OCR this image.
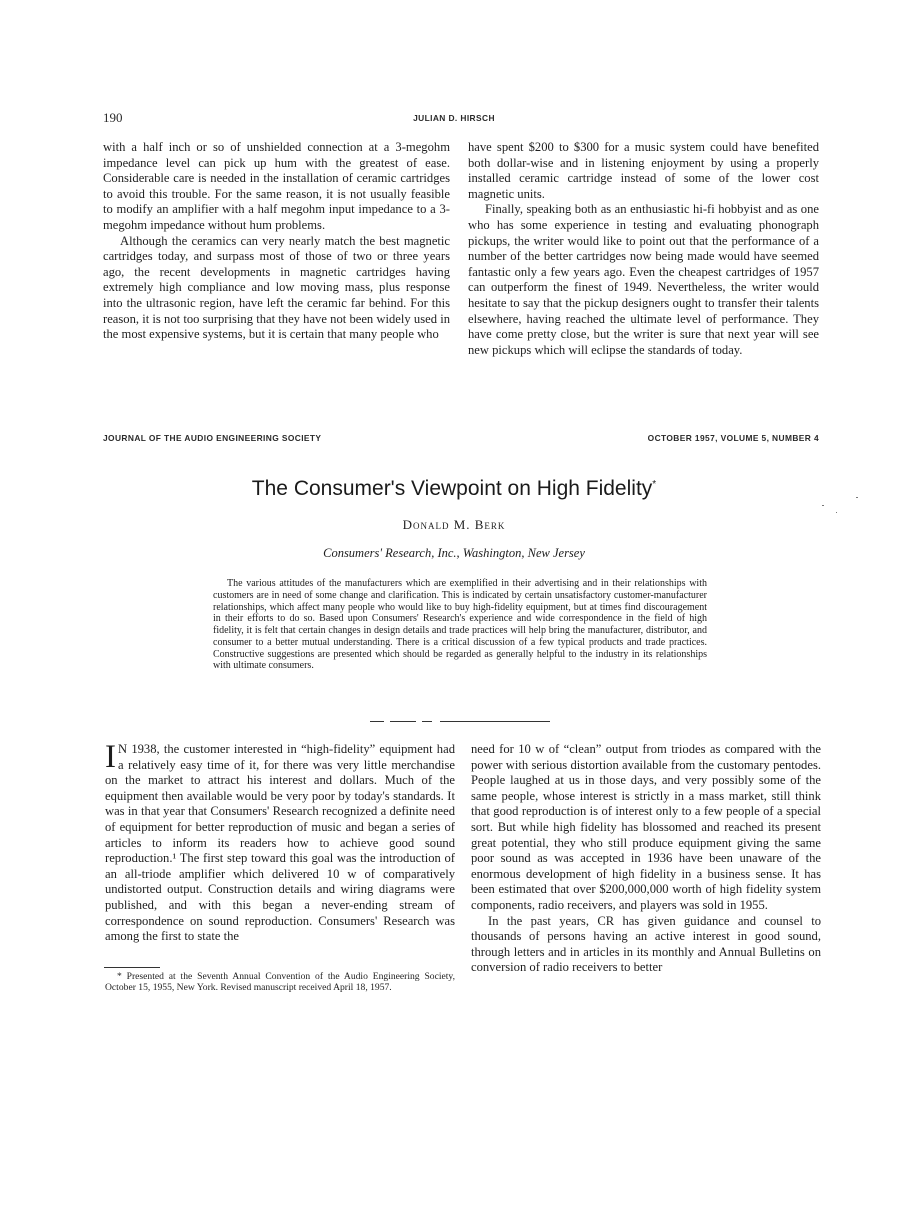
190	JULIAN D. HIRSCH

with a half inch or so of unshielded connection at a 3-megohm impedance level can pick up hum with the greatest of ease. Considerable care is needed in the installation of ceramic cartridges to avoid this trouble. For the same reason, it is not usually feasible to modify an amplifier with a half megohm input impedance to a 3-megohm impedance without hum problems.

Although the ceramics can very nearly match the best magnetic cartridges today, and surpass most of those of two or three years ago, the recent developments in magnetic cartridges having extremely high compliance and low moving mass, plus response into the ultrasonic region, have left the ceramic far behind. For this reason, it is not too surprising that they have not been widely used in the most expensive systems, but it is certain that many people who

have spent $200 to $300 for a music system could have benefited both dollar-wise and in listening enjoyment by using a properly installed ceramic cartridge instead of some of the lower cost magnetic units.

Finally, speaking both as an enthusiastic hi-fi hobbyist and as one who has some experience in testing and evaluating phonograph pickups, the writer would like to point out that the performance of a number of the better cartridges now being made would have seemed fantastic only a few years ago. Even the cheapest cartridges of 1957 can outperform the finest of 1949. Nevertheless, the writer would hesitate to say that the pickup designers ought to transfer their talents elsewhere, having reached the ultimate level of performance. They have come pretty close, but the writer is sure that next year will see new pickups which will eclipse the standards of today.

JOURNAL OF THE AUDIO ENGINEERING SOCIETY	OCTOBER 1957, VOLUME 5, NUMBER 4
The Consumer's Viewpoint on High Fidelity*
Donald M. Berk
Consumers' Research, Inc., Washington, New Jersey

The various attitudes of the manufacturers which are exemplified in their advertising and in their relationships with customers are in need of some change and clarification. This is indicated by certain unsatisfactory customer-manufacturer relationships, which affect many people who would like to buy high-fidelity equipment, but at times find discouragement in their efforts to do so. Based upon Consumers' Research's experience and wide correspondence in the field of high fidelity, it is felt that certain changes in design details and trade practices will help bring the manufacturer, distributor, and consumer to a better mutual understanding. There is a critical discussion of a few typical products and trade practices. Constructive suggestions are presented which should be regarded as generally helpful to the industry in its relationships with ultimate consumers.

I N 1938, the customer interested in “high-fidelity” equipment had a relatively easy time of it, for there was very little merchandise on the market to attract his interest and dollars. Much of the equipment then available would be very poor by today's standards. It was in that year that Consumers' Research recognized a definite need of equipment for better reproduction of music and began a series of articles to inform its readers how to achieve good sound reproduction.¹ The first step toward this goal was the introduction of an all-triode amplifier which delivered 10 w of comparatively undistorted output. Construction details and wiring diagrams were published, and with this began a never-ending stream of correspondence on sound reproduction. Consumers' Research was among the first to state the

* Presented at the Seventh Annual Convention of the Audio Engineering Society, October 15, 1955, New York. Revised manuscript received April 18, 1957.

need for 10 w of “clean” output from triodes as compared with the power with serious distortion available from the customary pentodes. People laughed at us in those days, and very possibly some of the same people, whose interest is strictly in a mass market, still think that good reproduction is of interest only to a few people of a special sort. But while high fidelity has blossomed and reached its present great potential, they who still produce equipment giving the same poor sound as was accepted in 1936 have been unaware of the enormous development of high fidelity in a business sense. It has been estimated that over $200,000,000 worth of high fidelity system components, radio receivers, and players was sold in 1955.

In the past years, CR has given guidance and counsel to thousands of persons having an active interest in good sound, through letters and in articles in its monthly and Annual Bulletins on conversion of radio receivers to better
